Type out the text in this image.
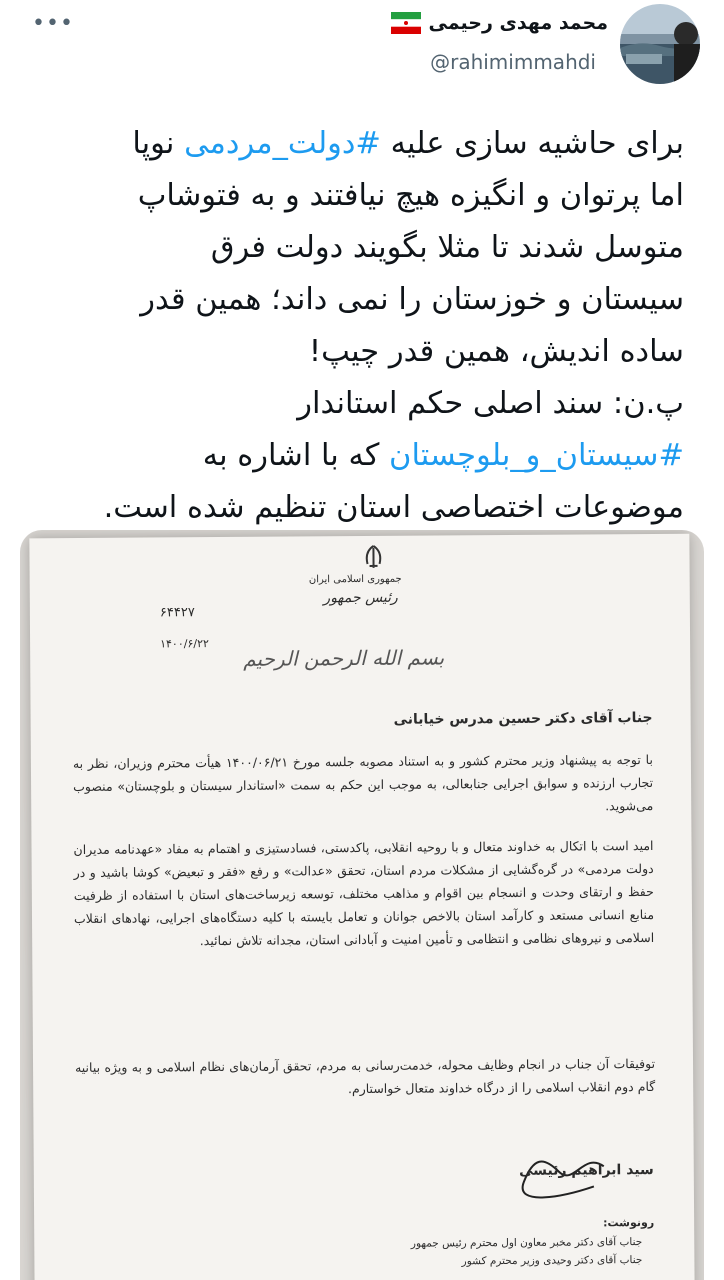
•••	محمد مهدی رحیمی
@rahimimmahdi
برای حاشیه سازی علیه #دولت_مردمی نوپا
اما پرتوان و انگیزه هیچ نیافتند و به فتوشاپ
متوسل شدند تا مثلا بگویند دولت فرق
سیستان و خوزستان را نمی داند؛ همین قدر
ساده اندیش، همین قدر چیپ!
پ.ن: سند اصلی حکم استاندار
#سیستان_و_بلوچستان که با اشاره به
موضوعات اختصاصی استان تنظیم شده است.
جمهوری اسلامی ایران
رئیس جمهور
۶۴۴۲۷
۱۴۰۰/۶/۲۲
بسم الله الرحمن الرحیم
جناب آقای دکتر حسین مدرس خیابانی
با توجه به پیشنهاد وزیر محترم کشور و به استناد مصوبه جلسه مورخ ۱۴۰۰/۰۶/۲۱ هیأت محترم وزیران، نظر به تجارب ارزنده و سوابق اجرایی جنابعالی، به موجب این حکم به سمت «استاندار سیستان و بلوچستان» منصوب می‌شوید.
امید است با اتکال به خداوند متعال و با روحیه انقلابی، پاکدستی، فسادستیزی و اهتمام به مفاد «عهدنامه مدیران دولت مردمی» در گره‌گشایی از مشکلات مردم استان، تحقق «عدالت» و رفع «فقر و تبعیض» کوشا باشید و در حفظ و ارتقای وحدت و انسجام بین اقوام و مذاهب مختلف، توسعه زیرساخت‌های استان با استفاده از ظرفیت منابع انسانی مستعد و کارآمد استان بالاخص جوانان و تعامل بایسته با کلیه دستگاه‌های اجرایی، نهادهای انقلاب اسلامی و نیروهای نظامی و انتظامی و تأمین امنیت و آبادانی استان، مجدانه تلاش نمائید.
توفیقات آن جناب در انجام وظایف محوله، خدمت‌رسانی به مردم، تحقق آرمان‌های نظام اسلامی و به ویژه بیانیه گام دوم انقلاب اسلامی را از درگاه خداوند متعال خواستارم.
سید ابراهیم رئیسی
رونوشت:
جناب آقای دکتر مخبر معاون اول محترم رئیس جمهور
جناب آقای دکتر وحیدی وزیر محترم کشور
